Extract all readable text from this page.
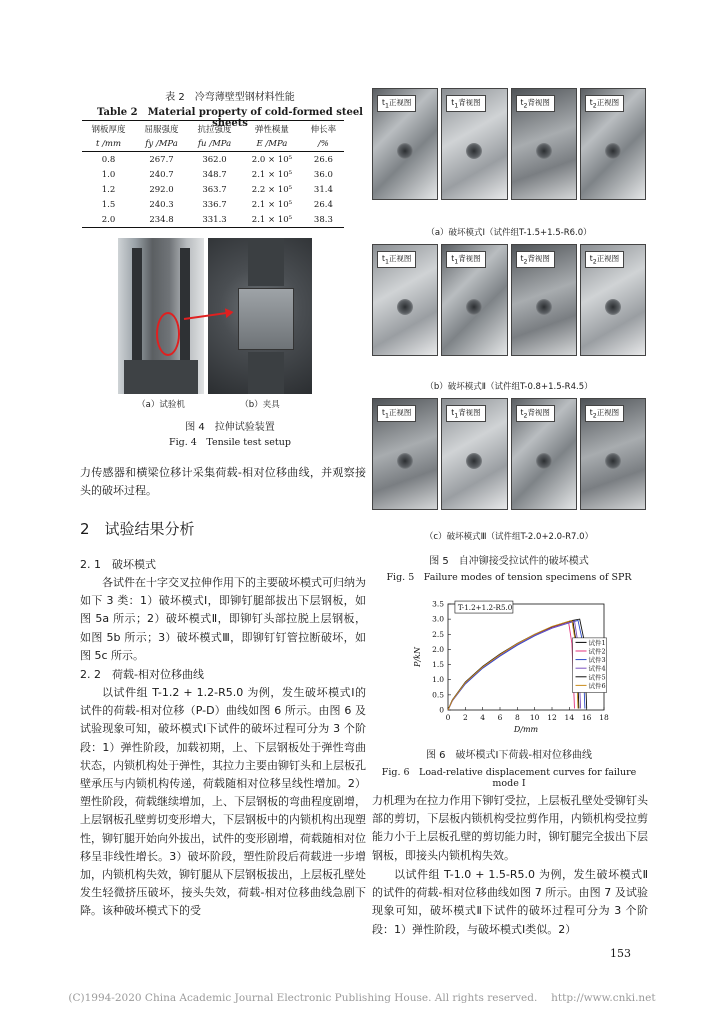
表 2　冷弯薄壁型钢材料性能
Table 2　Material property of cold-formed steel sheets
钢板厚度	屈服强度	抗拉强度	弹性模量	伸长率
t /mm	fy /MPa	fu /MPa	E /MPa	/%
0.8	267.7	362.0	2.0 × 10⁵	26.6
1.0	240.7	348.7	2.1 × 10⁵	36.0
1.2	292.0	363.7	2.2 × 10⁵	31.4
1.5	240.3	336.7	2.1 × 10⁵	26.4
2.0	234.8	331.3	2.1 × 10⁵	38.3
（a）试验机	（b）夹具
图 4　拉伸试验装置
Fig. 4　Tensile test setup
力传感器和横梁位移计采集荷载-相对位移曲线，并观察接头的破坏过程。
2　试验结果分析
2. 1　破坏模式
各试件在十字交叉拉伸作用下的主要破坏模式可归纳为如下 3 类：1）破坏模式Ⅰ，即铆钉腿部拔出下层钢板，如图 5a 所示；2）破坏模式Ⅱ，即铆钉头部拉脱上层钢板，如图 5b 所示；3）破坏模式Ⅲ，即铆钉钉管拉断破坏，如图 5c 所示。
2. 2　荷载-相对位移曲线
以试件组 T-1.2 + 1.2-R5.0 为例，发生破坏模式Ⅰ的试件的荷载-相对位移（P-D）曲线如图 6 所示。由图 6 及试验现象可知，破坏模式Ⅰ下试件的破坏过程可分为 3 个阶段：1）弹性阶段，加载初期，上、下层钢板处于弹性弯曲状态，内锁机构处于弹性，其拉力主要由铆钉头和上层板孔壁承压与内锁机构传递，荷载随相对位移呈线性增加。2）塑性阶段，荷载继续增加，上、下层钢板的弯曲程度剧增，上层钢板孔壁剪切变形增大，下层钢板中的内锁机构出现塑性，铆钉腿开始向外拔出，试件的变形剧增，荷载随相对位移呈非线性增长。3）破坏阶段，塑性阶段后荷载进一步增加，内锁机构失效，铆钉腿从下层钢板拔出，上层板孔壁处发生轻微挤压破坏，接头失效，荷载-相对位移曲线急剧下降。该种破坏模式下的受
$t_1$正视图	$t_1$背视图	$t_2$背视图	$t_2$正视图
（a）破坏模式Ⅰ（试件组T-1.5+1.5-R6.0）
$t_1$正视图	$t_1$背视图	$t_2$背视图	$t_2$正视图
（b）破坏模式Ⅱ（试件组T-0.8+1.5-R4.5）
$t_1$正视图	$t_1$背视图	$t_2$背视图	$t_2$正视图
（c）破坏模式Ⅲ（试件组T-2.0+2.0-R7.0）
图 5　自冲铆接受拉试件的破坏模式
Fig. 5　Failure modes of tension specimens of SPR
0 2 4 6 8 10 12 14 16 18
0
0.5
1.0
1.5
2.0
2.5
3.0
3.5
D/mm
P/kN
T-1.2+1.2-R5.0
试件1
试件2
试件3
试件4
试件5
试件6
图 6　破坏模式Ⅰ下荷载-相对位移曲线
Fig. 6　Load-relative displacement curves for failure mode Ⅰ
力机理为在拉力作用下铆钉受拉，上层板孔壁处受铆钉头部的剪切，下层板内锁机构受拉剪作用，内锁机构受拉剪能力小于上层板孔壁的剪切能力时，铆钉腿完全拔出下层钢板，即接头内锁机构失效。
以试件组 T-1.0 + 1.5-R5.0 为例，发生破坏模式Ⅱ的试件的荷载-相对位移曲线如图 7 所示。由图 7 及试验现象可知，破坏模式Ⅱ下试件的破坏过程可分为 3 个阶段：1）弹性阶段，与破坏模式Ⅰ类似。2）
153
(C)1994-2020 China Academic Journal Electronic Publishing House. All rights reserved.　 http://www.cnki.net
